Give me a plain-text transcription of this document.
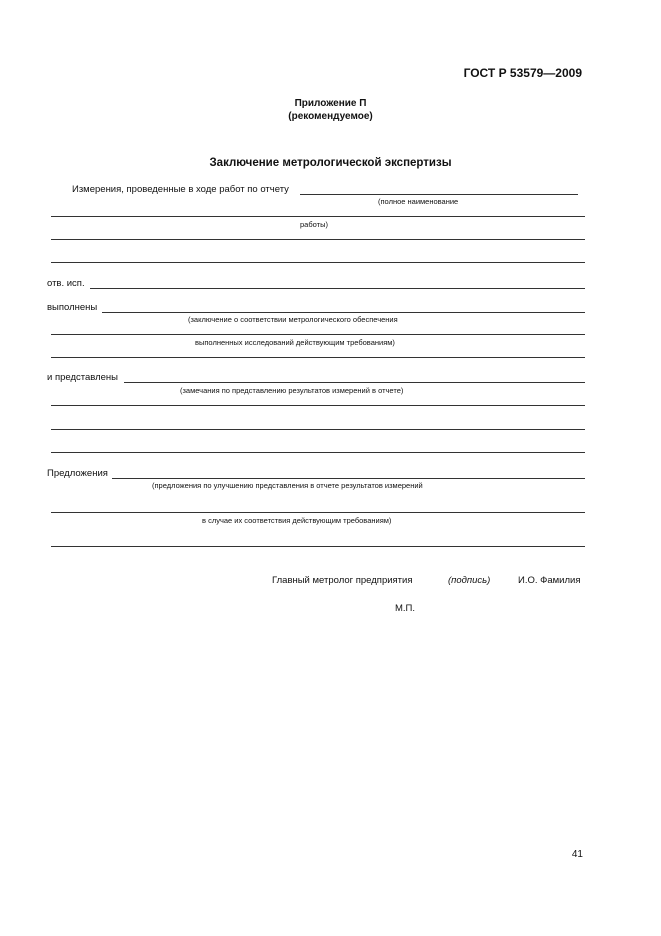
ГОСТ Р 53579—2009
Приложение П
(рекомендуемое)
Заключение метрологической экспертизы
Измерения, проведенные в ходе работ по отчету
(полное наименование
работы)
отв. исп.
выполнены
(заключение о соответствии метрологического обеспечения
выполненных исследований действующим требованиям)
и представлены
(замечания по представлению результатов измерений в отчете)
Предложения
(предложения по улучшению представления в отчете результатов измерений
в случае их соответствия действующим требованиям)
Главный метролог предприятия	(подпись)	И.О. Фамилия
М.П.
41
